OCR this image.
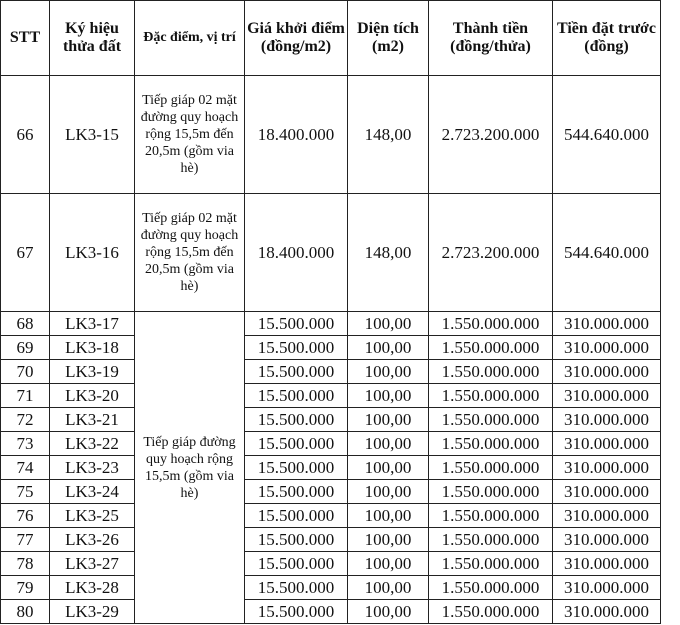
STT	Ký hiệu thửa đất	Đặc điểm, vị trí	Giá khởi điểm (đồng/m2)	Diện tích (m2)	Thành tiền (đồng/thửa)	Tiền đặt trước (đồng)
66	LK3-15	Tiếp giáp 02 mặt đường quy hoạch rộng 15,5m đến 20,5m (gồm via hè)	18.400.000	148,00	2.723.200.000	544.640.000
67	LK3-16	Tiếp giáp 02 mặt đường quy hoạch rộng 15,5m đến 20,5m (gồm via hè)	18.400.000	148,00	2.723.200.000	544.640.000
68	LK3-17	Tiếp giáp đường quy hoạch rộng 15,5m (gồm via hè)	15.500.000	100,00	1.550.000.000	310.000.000
69	LK3-18		15.500.000	100,00	1.550.000.000	310.000.000
70	LK3-19		15.500.000	100,00	1.550.000.000	310.000.000
71	LK3-20		15.500.000	100,00	1.550.000.000	310.000.000
72	LK3-21		15.500.000	100,00	1.550.000.000	310.000.000
73	LK3-22		15.500.000	100,00	1.550.000.000	310.000.000
74	LK3-23		15.500.000	100,00	1.550.000.000	310.000.000
75	LK3-24		15.500.000	100,00	1.550.000.000	310.000.000
76	LK3-25		15.500.000	100,00	1.550.000.000	310.000.000
77	LK3-26		15.500.000	100,00	1.550.000.000	310.000.000
78	LK3-27		15.500.000	100,00	1.550.000.000	310.000.000
79	LK3-28		15.500.000	100,00	1.550.000.000	310.000.000
80	LK3-29		15.500.000	100,00	1.550.000.000	310.000.000
